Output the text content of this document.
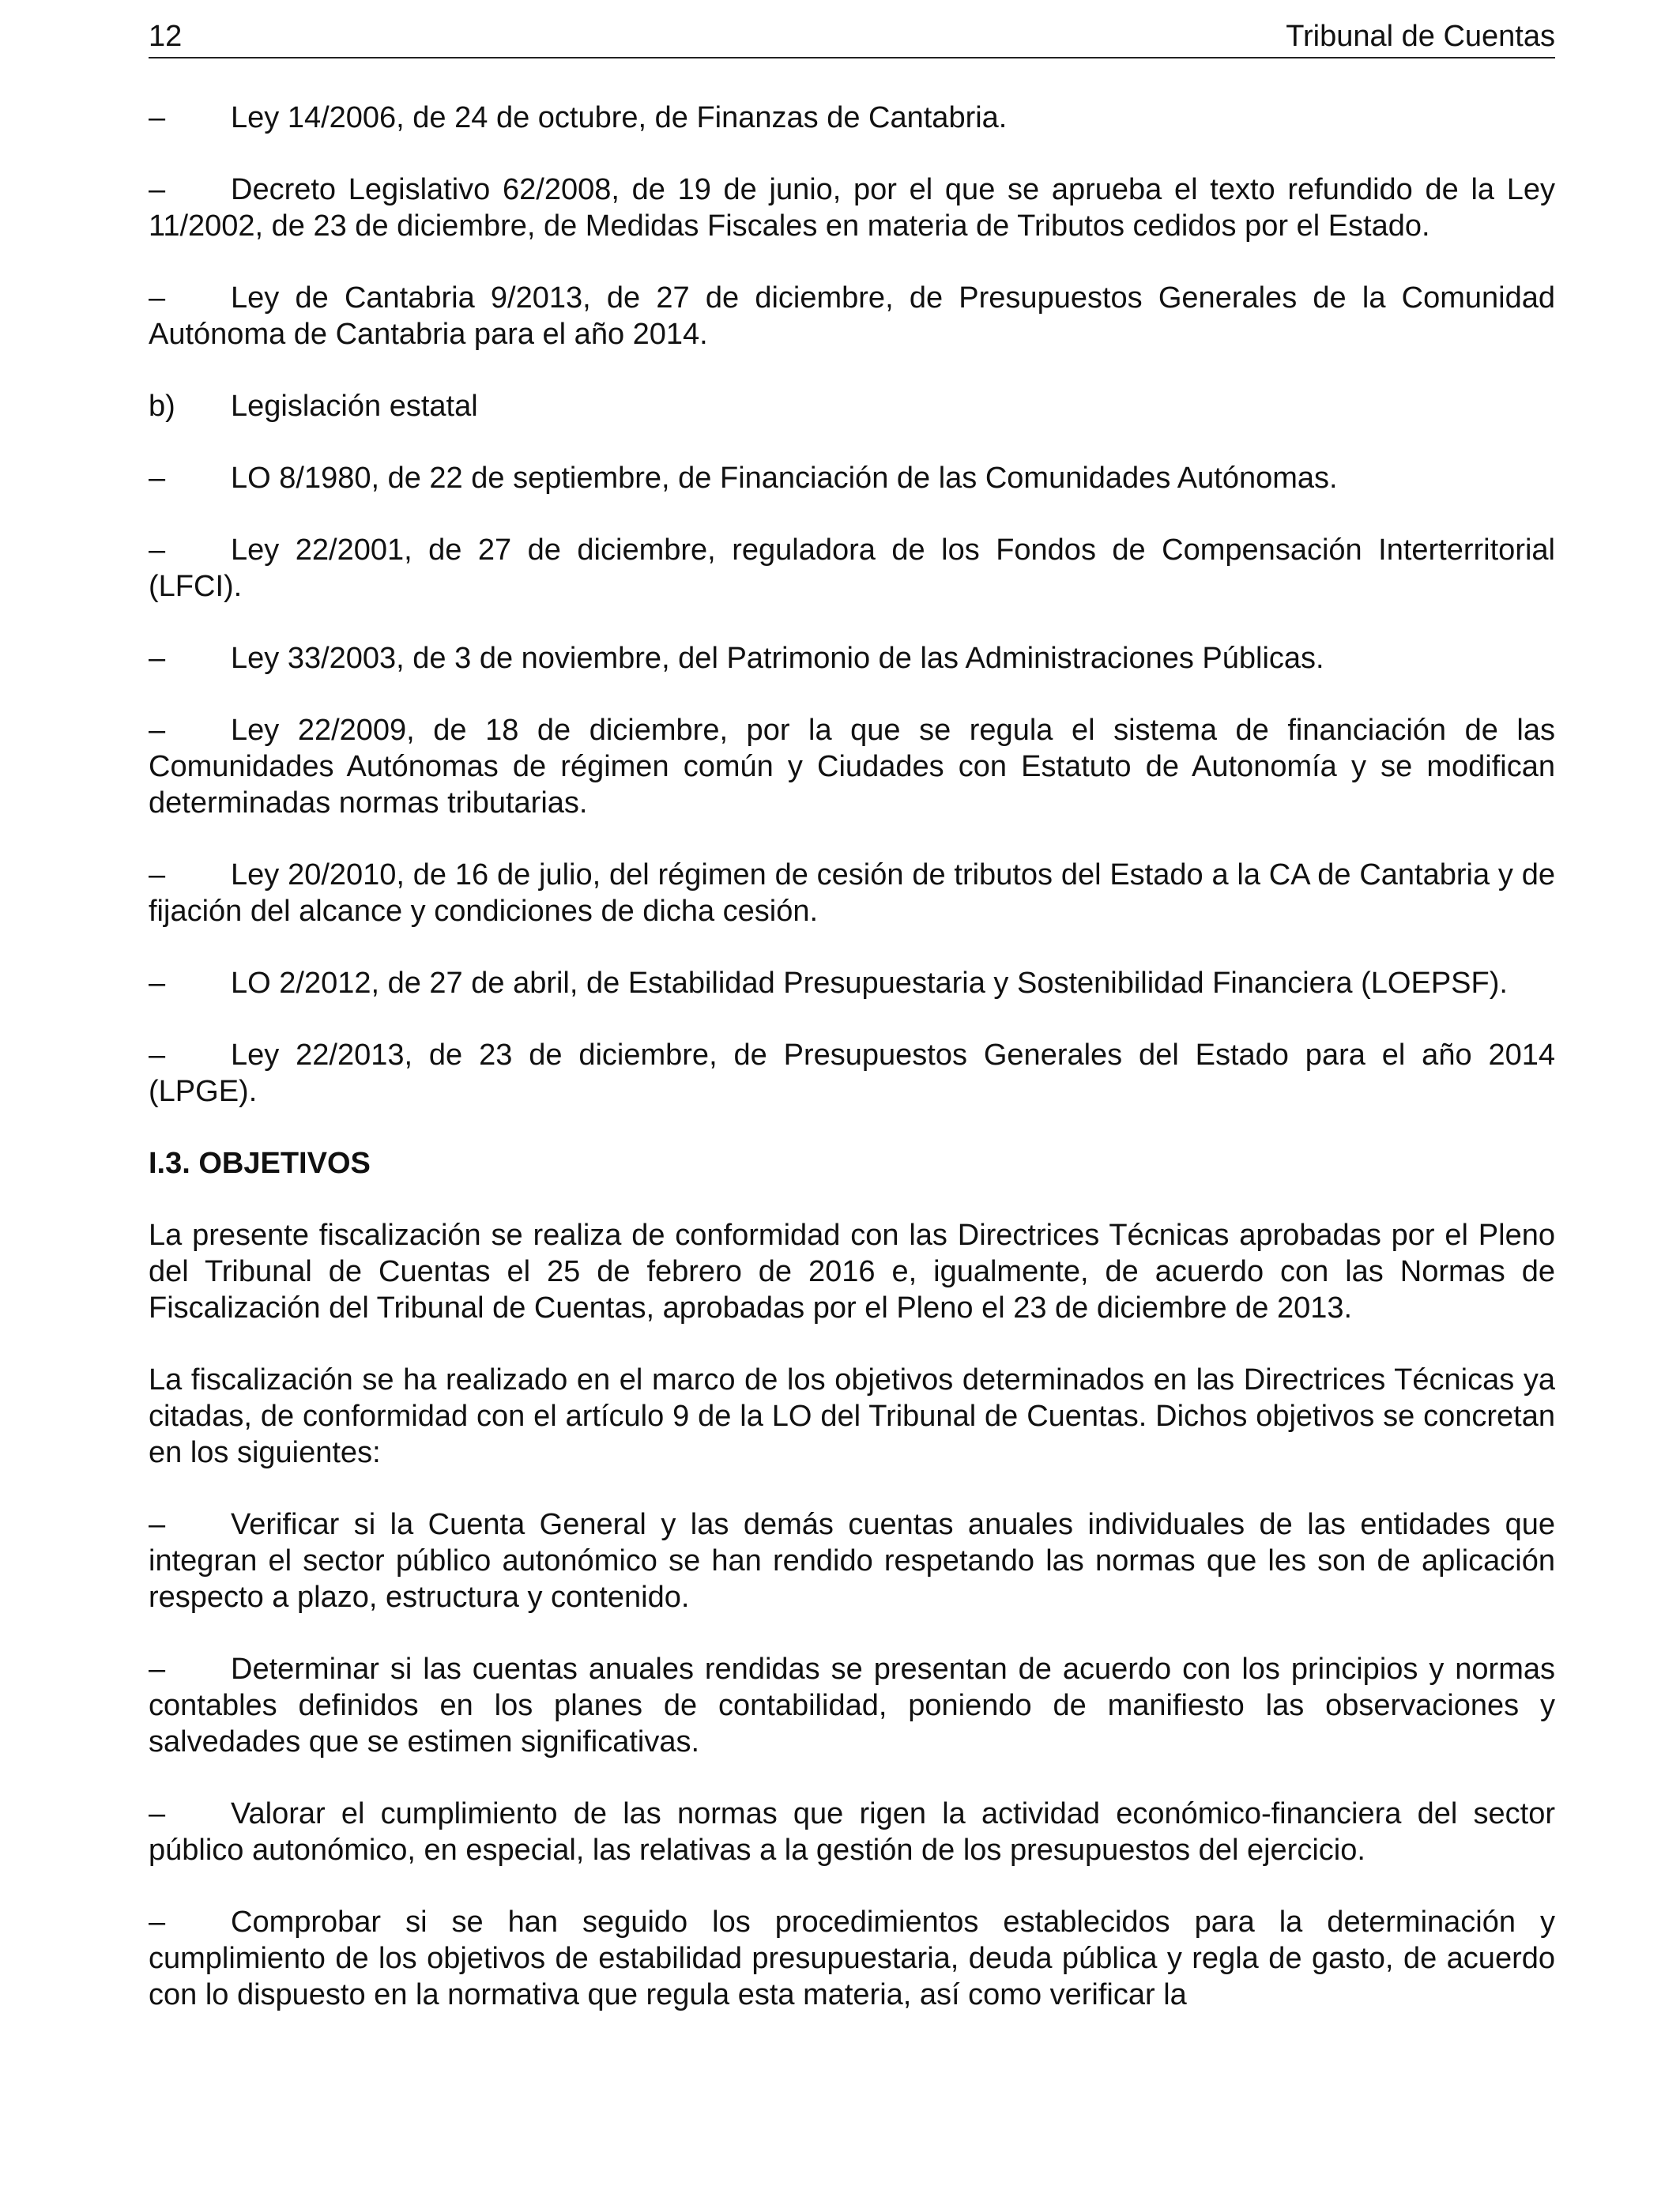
12	Tribunal de Cuentas

– Ley 14/2006, de 24 de octubre, de Finanzas de Cantabria.

– Decreto Legislativo 62/2008, de 19 de junio, por el que se aprueba el texto refundido de la Ley 11/2002, de 23 de diciembre, de Medidas Fiscales en materia de Tributos cedidos por el Estado.

– Ley de Cantabria 9/2013, de 27 de diciembre, de Presupuestos Generales de la Comunidad Autónoma de Cantabria para el año 2014.

b) Legislación estatal

– LO 8/1980, de 22 de septiembre, de Financiación de las Comunidades Autónomas.

– Ley 22/2001, de 27 de diciembre, reguladora de los Fondos de Compensación Interterritorial (LFCI).

– Ley 33/2003, de 3 de noviembre, del Patrimonio de las Administraciones Públicas.

– Ley 22/2009, de 18 de diciembre, por la que se regula el sistema de financiación de las Comunidades Autónomas de régimen común y Ciudades con Estatuto de Autonomía y se modifican determinadas normas tributarias.

– Ley 20/2010, de 16 de julio, del régimen de cesión de tributos del Estado a la CA de Cantabria y de fijación del alcance y condiciones de dicha cesión.

– LO 2/2012, de 27 de abril, de Estabilidad Presupuestaria y Sostenibilidad Financiera (LOEPSF).

– Ley 22/2013, de 23 de diciembre, de Presupuestos Generales del Estado para el año 2014 (LPGE).

I.3. OBJETIVOS

La presente fiscalización se realiza de conformidad con las Directrices Técnicas aprobadas por el Pleno del Tribunal de Cuentas el 25 de febrero de 2016 e, igualmente, de acuerdo con las Normas de Fiscalización del Tribunal de Cuentas, aprobadas por el Pleno el 23 de diciembre de 2013.

La fiscalización se ha realizado en el marco de los objetivos determinados en las Directrices Técnicas ya citadas, de conformidad con el artículo 9 de la LO del Tribunal de Cuentas. Dichos objetivos se concretan en los siguientes:

– Verificar si la Cuenta General y las demás cuentas anuales individuales de las entidades que integran el sector público autonómico se han rendido respetando las normas que les son de aplicación respecto a plazo, estructura y contenido.

– Determinar si las cuentas anuales rendidas se presentan de acuerdo con los principios y normas contables definidos en los planes de contabilidad, poniendo de manifiesto las observaciones y salvedades que se estimen significativas.

– Valorar el cumplimiento de las normas que rigen la actividad económico-financiera del sector público autonómico, en especial, las relativas a la gestión de los presupuestos del ejercicio.

– Comprobar si se han seguido los procedimientos establecidos para la determinación y cumplimiento de los objetivos de estabilidad presupuestaria, deuda pública y regla de gasto, de acuerdo con lo dispuesto en la normativa que regula esta materia, así como verificar la
